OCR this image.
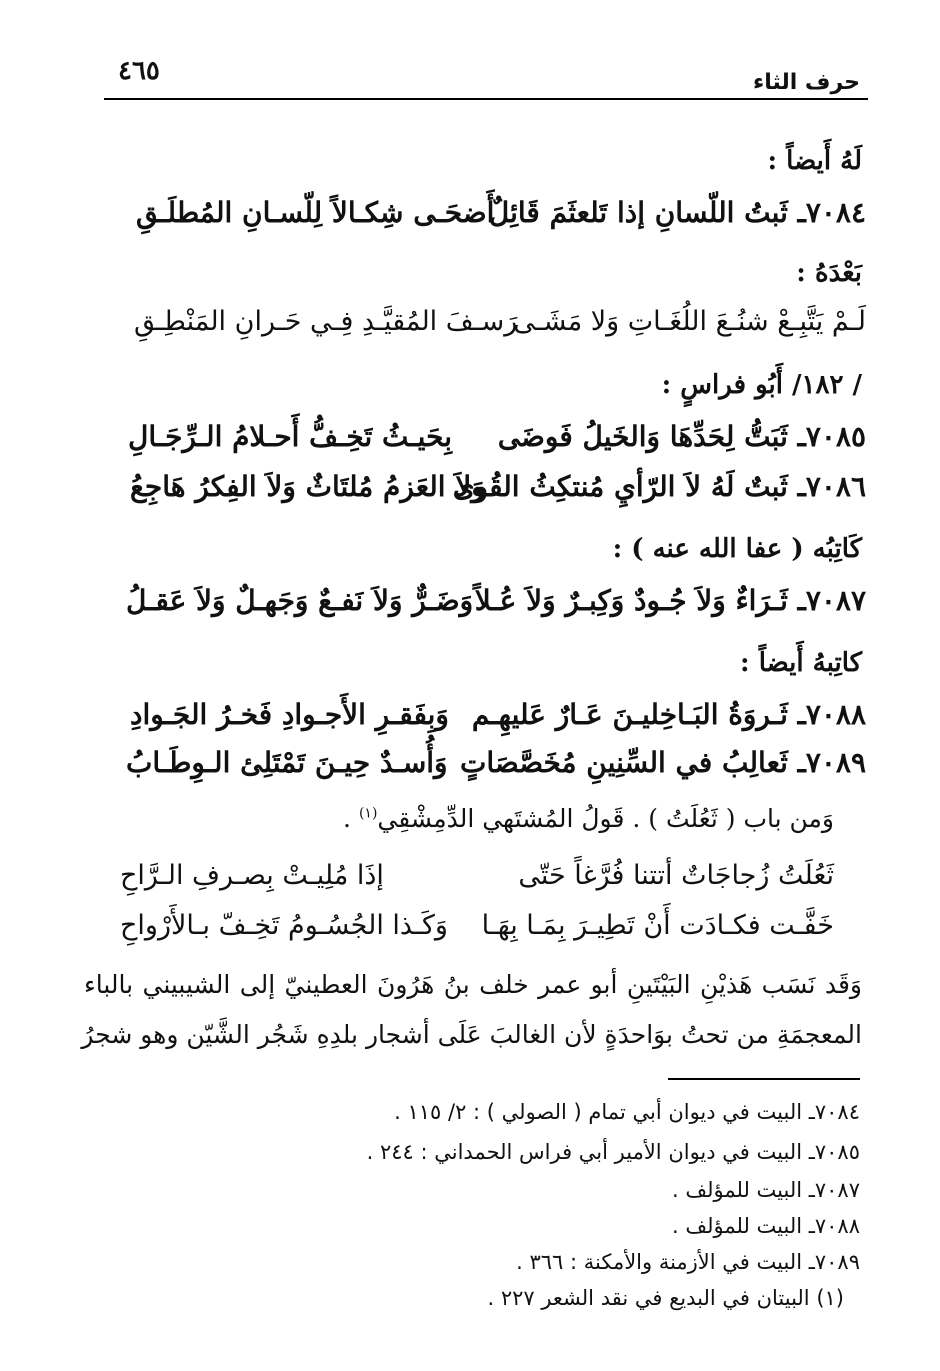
حرف الثاء
٤٦٥
لَهُ أَيضاً :
٧٠٨٤ـ ثَبتُ اللّسانِ إذا تَلعثَمَ قَائِلٌ
أَضحَـى شِكـالاً لِلّسـانِ المُطلَـقِ
بَعْدَهُ :
لَـمْ يَتَّبِـعْ شنُـعَ اللُغَـاتِ وَلا مَشَـى
رَسـفَ المُقيَّـدِ فِـي حَـرانِ المَنْطِـقِ
/ ١٨٢/ أَبُو فراسٍ :
٧٠٨٥ـ ثَبَتُّ لِحَدِّهَا وَالخَيلُ فَوضَى
بِحَيـثُ تَخِـفُّ أَحـلامُ الـرِّجَـالِ
٧٠٨٦ـ ثَبتٌ لَهُ لاَ الرّأيِ مُنتكِثُ القُوى
وَلاَ العَزمُ مُلتَاثٌ وَلاَ الفِكرُ هَاجِعُ
كَاتِبُه ( عفا الله عنه ) :
٧٠٨٧ـ ثَـرَاءٌ وَلاَ جُـودٌ وَكِبـرٌ وَلاَ عُـلاً
وَضَـرٌّ وَلاَ نَفـعٌ وَجَهـلٌ وَلاَ عَقـلُ
كاتِبهُ أَيضاً :
٧٠٨٨ـ ثَـروَةُ البَـاخِليـنَ عَـارٌ عَليهِـم
وَبِفَقـرِ الأَجـوادِ فَخـرُ الجَـوادِ
٧٠٨٩ـ ثَعالِبُ في السِّنِينِ مُخَصَّصَاتٍ
وَأُسـدٌ حِيـنَ تَمْتَلِئ الـوِطَـابُ
وَمن باب ( ثَعُلَتُ ) . قَولُ المُشتَهي الدِّمِشْقِي$^{(١)}$ .
ثَعُلَتُ زُجاجَاتٌ أتتنا فُرَّغاً حَتّى
إذَا مُلِيـتْ بِصـرفِ الـرَّاحِ
خَفَّـت فكـادَت أَنْ تَطِيـرَ بِمَـا بِهَـا
وَكَـذا الجُسُـومُ تَخِـفّ بـالأَرْواحِ
وَقَد نَسَب هَذيْنِ البَيْتَينِ أبو عمر خلف بنُ هَرُونَ العطينيّ إلى الشيبيني بالباء
المعجمَةِ من تحتُ بوَاحدَةٍ لأن الغالبَ عَلَى أشجار بلدِهِ شَجُر الشَّيّن وهو شجرُ
٧٠٨٤ـ البيت في ديوان أبي تمام ( الصولي ) : ٢/ ١١٥ .
٧٠٨٥ـ البيت في ديوان الأمير أبي فراس الحمداني : ٢٤٤ .
٧٠٨٧ـ البيت للمؤلف .
٧٠٨٨ـ البيت للمؤلف .
٧٠٨٩ـ البيت في الأزمنة والأمكنة : ٣٦٦ .
(١) البيتان في البديع في نقد الشعر ٢٢٧ .
